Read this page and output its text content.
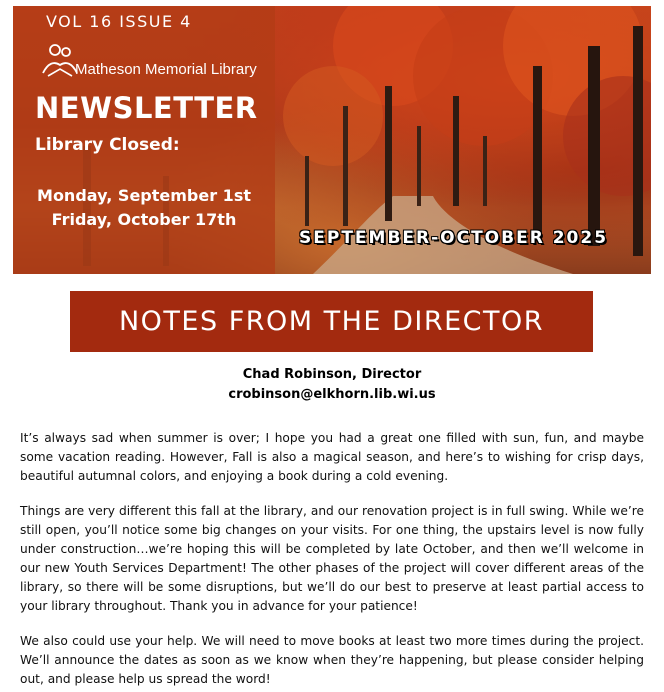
VOL 16 ISSUE 4
Matheson Memorial Library
NEWSLETTER
Library Closed:
Monday, September 1st
Friday, October 17th
SEPTEMBER-OCTOBER 2025
NOTES FROM THE DIRECTOR
Chad Robinson, Director
crobinson@elkhorn.lib.wi.us

It’s always sad when summer is over; I hope you had a great one filled with sun, fun, and maybe some vacation reading. However, Fall is also a magical season, and here’s to wishing for crisp days, beautiful autumnal colors, and enjoying a book during a cold evening.

Things are very different this fall at the library, and our renovation project is in full swing. While we’re still open, you’ll notice some big changes on your visits. For one thing, the upstairs level is now fully under construction…we’re hoping this will be completed by late October, and then we’ll welcome in our new Youth Services Department! The other phases of the project will cover different areas of the library, so there will be some disruptions, but we’ll do our best to preserve at least partial access to your library throughout. Thank you in advance for your patience!

We also could use your help. We will need to move books at least two more times during the project. We’ll announce the dates as soon as we know when they’re happening, but please consider helping out, and please help us spread the word!
